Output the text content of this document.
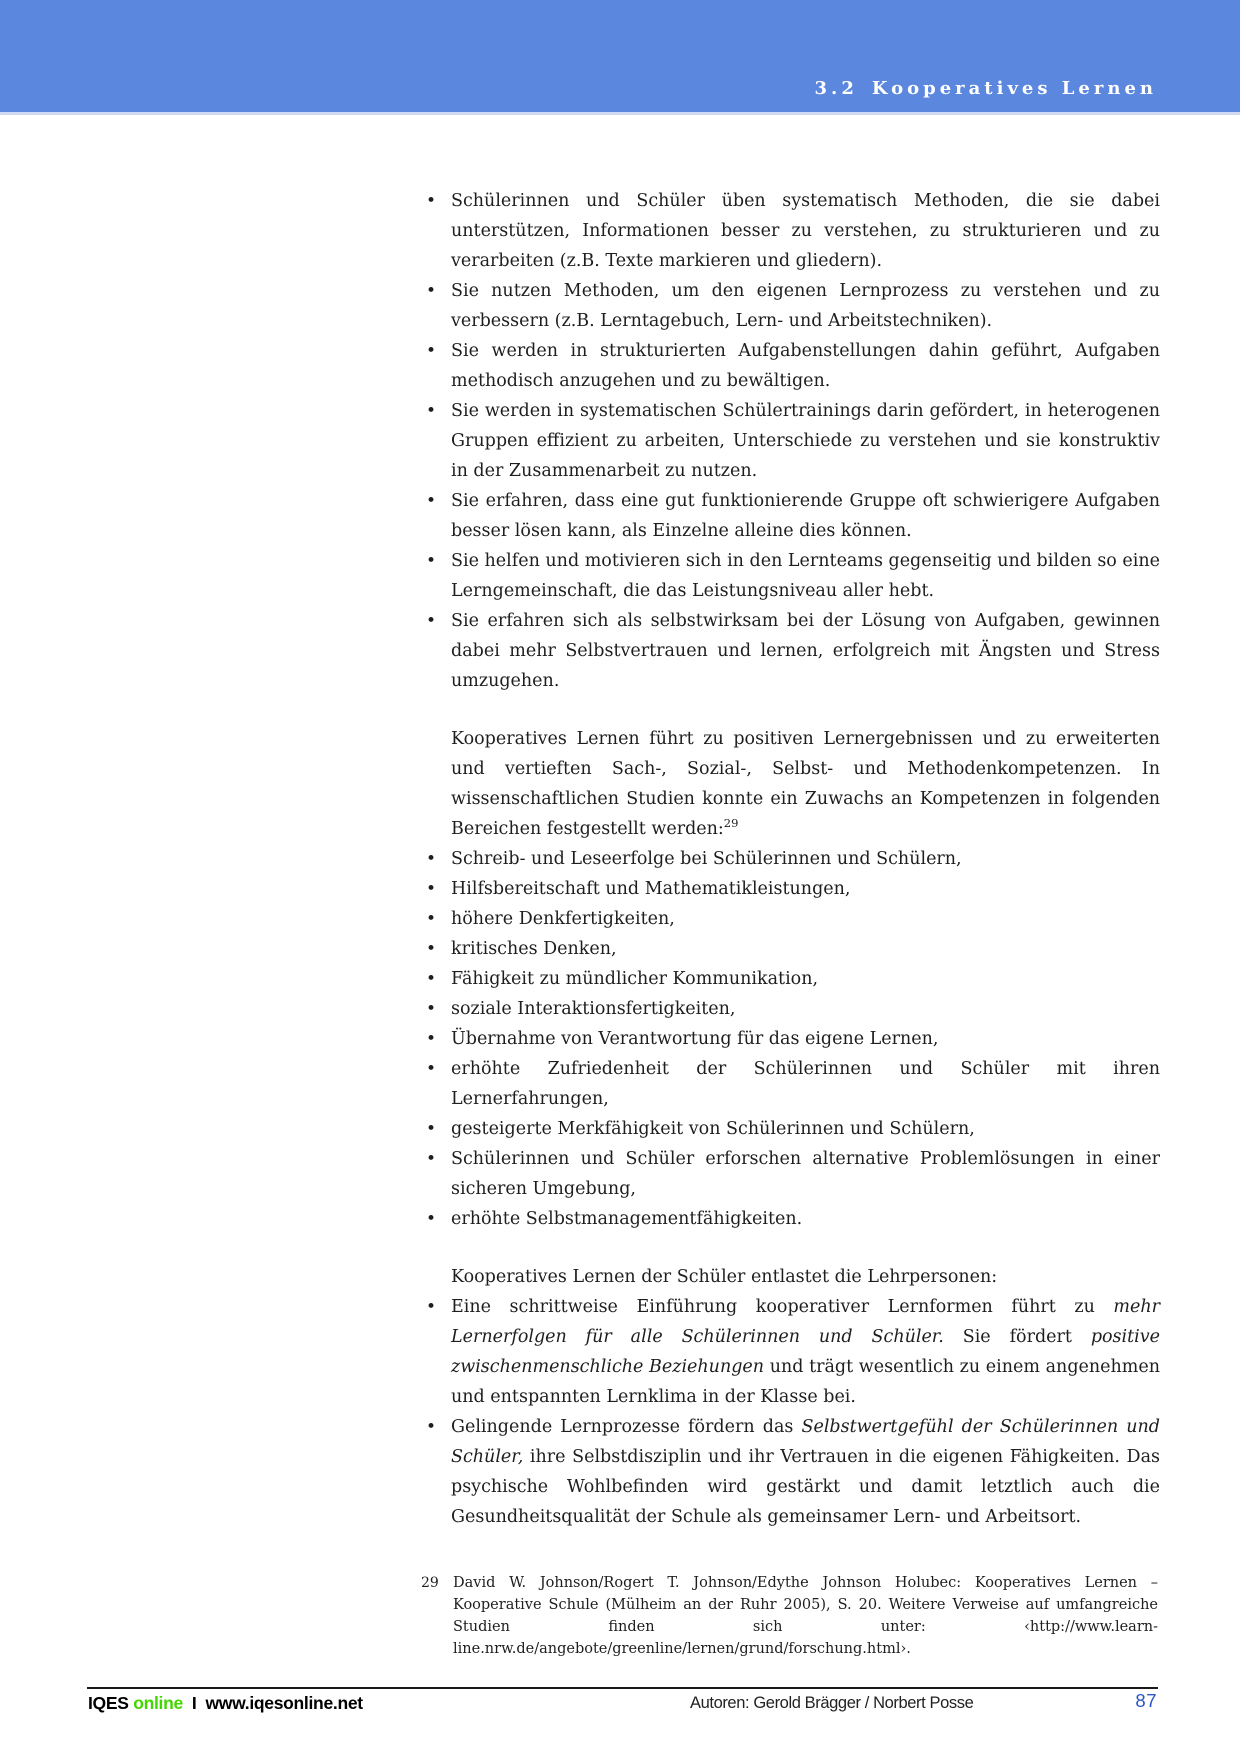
3.2 Kooperatives Lernen
• Schülerinnen und Schüler üben systematisch Methoden, die sie dabei unterstützen, Informationen besser zu verstehen, zu strukturieren und zu verarbeiten (z.B. Texte markieren und gliedern).
• Sie nutzen Methoden, um den eigenen Lernprozess zu verstehen und zu verbessern (z.B. Lerntagebuch, Lern- und Arbeitstechniken).
• Sie werden in strukturierten Aufgabenstellungen dahin geführt, Aufgaben methodisch anzugehen und zu bewältigen.
• Sie werden in systematischen Schülertrainings darin gefördert, in heterogenen Gruppen effizient zu arbeiten, Unterschiede zu verstehen und sie konstruktiv in der Zusammenarbeit zu nutzen.
• Sie erfahren, dass eine gut funktionierende Gruppe oft schwierigere Aufgaben besser lösen kann, als Einzelne alleine dies können.
• Sie helfen und motivieren sich in den Lernteams gegenseitig und bilden so eine Lerngemeinschaft, die das Leistungsniveau aller hebt.
• Sie erfahren sich als selbstwirksam bei der Lösung von Aufgaben, gewinnen dabei mehr Selbstvertrauen und lernen, erfolgreich mit Ängsten und Stress umzugehen.

Kooperatives Lernen führt zu positiven Lernergebnissen und zu erweiterten und vertieften Sach-, Sozial-, Selbst- und Methodenkompetenzen. In wissenschaftlichen Studien konnte ein Zuwachs an Kompetenzen in folgenden Bereichen festgestellt werden:$^{29}$

• Schreib- und Leseerfolge bei Schülerinnen und Schülern,
• Hilfsbereitschaft und Mathematikleistungen,
• höhere Denkfertigkeiten,
• kritisches Denken,
• Fähigkeit zu mündlicher Kommunikation,
• soziale Interaktionsfertigkeiten,
• Übernahme von Verantwortung für das eigene Lernen,
• erhöhte Zufriedenheit der Schülerinnen und Schüler mit ihren Lernerfahrungen,
• gesteigerte Merkfähigkeit von Schülerinnen und Schülern,
• Schülerinnen und Schüler erforschen alternative Problemlösungen in einer sicheren Umgebung,
• erhöhte Selbstmanagementfähigkeiten.

Kooperatives Lernen der Schüler entlastet die Lehrpersonen:

• Eine schrittweise Einführung kooperativer Lernformen führt zu mehr Lernerfolgen für alle Schülerinnen und Schüler. Sie fördert positive zwischenmenschliche Beziehungen und trägt wesentlich zu einem angenehmen und entspannten Lernklima in der Klasse bei.
• Gelingende Lernprozesse fördern das Selbstwertgefühl der Schülerinnen und Schüler, ihre Selbstdisziplin und ihr Vertrauen in die eigenen Fähigkeiten. Das psychische Wohlbefinden wird gestärkt und damit letztlich auch die Gesundheitsqualität der Schule als gemeinsamer Lern- und Arbeitsort.
29 David W. Johnson/Rogert T. Johnson/Edythe Johnson Holubec: Kooperatives Lernen – Kooperative Schule (Mülheim an der Ruhr 2005), S. 20. Weitere Verweise auf umfangreiche Studien finden sich unter: ‹http://www.learn-line.nrw.de/angebote/greenline/lernen/grund/forschung.html›.
IQES online I www.iqesonline.net	Autoren: Gerold Brägger / Norbert Posse	87
